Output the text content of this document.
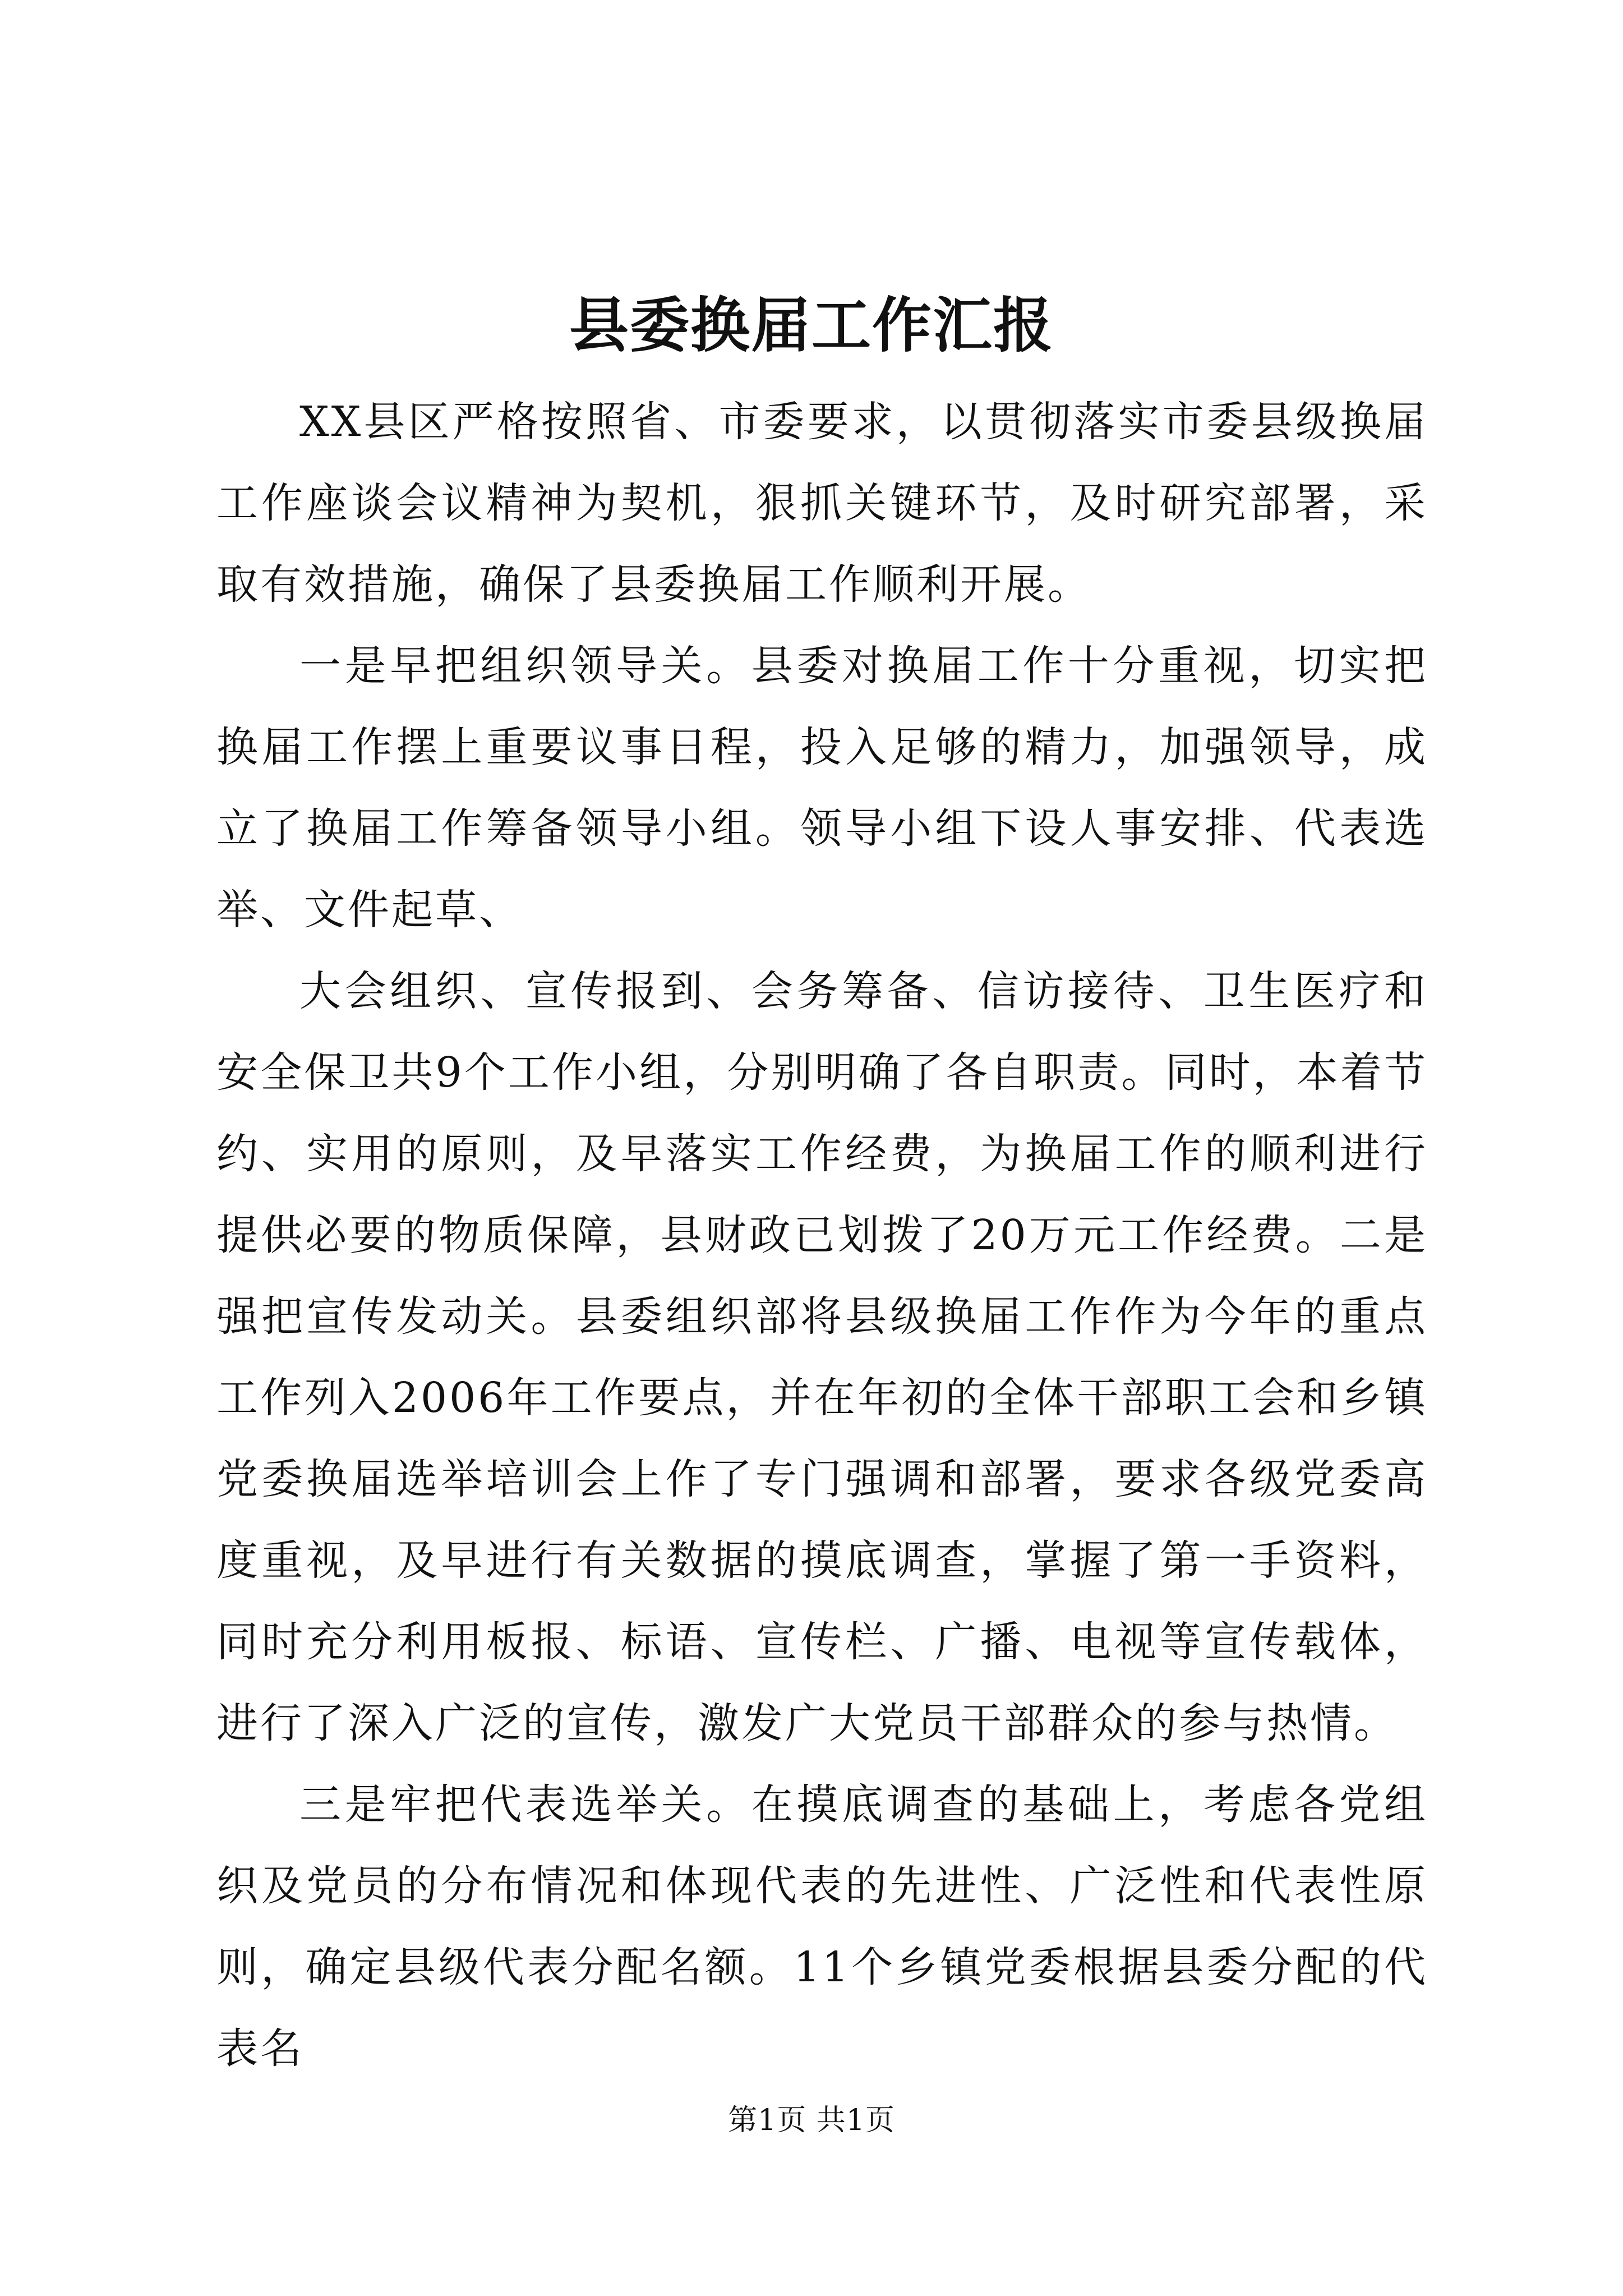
县委换届工作汇报

XX县区严格按照省、市委要求，以贯彻落实市委县级换届工作座谈会议精神为契机，狠抓关键环节，及时研究部署，采取有效措施，确保了县委换届工作顺利开展。

一是早把组织领导关。县委对换届工作十分重视，切实把换届工作摆上重要议事日程，投入足够的精力，加强领导，成立了换届工作筹备领导小组。领导小组下设人事安排、代表选举、文件起草、

大会组织、宣传报到、会务筹备、信访接待、卫生医疗和安全保卫共9个工作小组，分别明确了各自职责。同时，本着节约、实用的原则，及早落实工作经费，为换届工作的顺利进行提供必要的物质保障，县财政已划拨了20万元工作经费。二是强把宣传发动关。县委组织部将县级换届工作作为今年的重点工作列入2006年工作要点，并在年初的全体干部职工会和乡镇党委换届选举培训会上作了专门强调和部署，要求各级党委高度重视，及早进行有关数据的摸底调查，掌握了第一手资料，同时充分利用板报、标语、宣传栏、广播、电视等宣传载体，进行了深入广泛的宣传，激发广大党员干部群众的参与热情。

三是牢把代表选举关。在摸底调查的基础上，考虑各党组织及党员的分布情况和体现代表的先进性、广泛性和代表性原则，确定县级代表分配名额。11个乡镇党委根据县委分配的代表名

第1页 共1页
